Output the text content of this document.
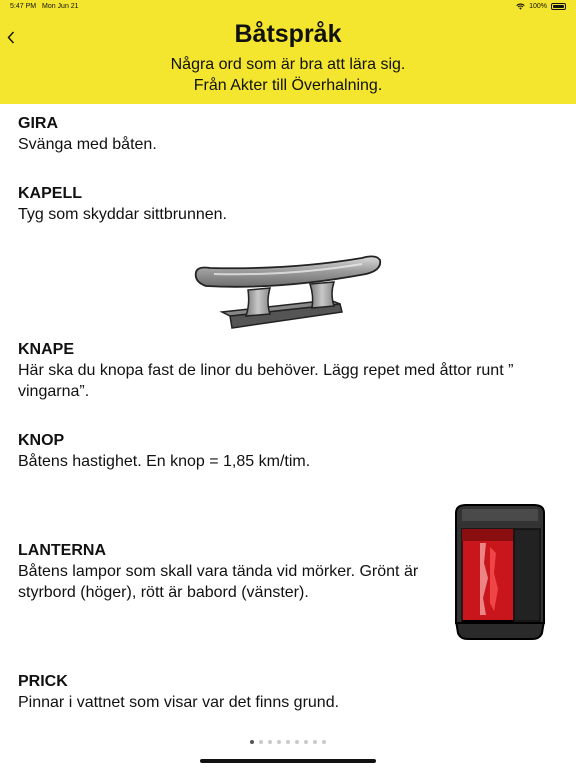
5:47 PM Mon Jun 21	100%
Båtspråk
Några ord som är bra att lära sig.
Från Akter till Överhalning.
GIRA
Svänga med båten.
KAPELL
Tyg som skyddar sittbrunnen.
KNAPE
Här ska du knopa fast de linor du behöver. Lägg repet med åttor runt ” vingarna”.
KNOP
Båtens hastighet. En knop = 1,85 km/tim.
LANTERNA
Båtens lampor som skall vara tända vid mörker. Grönt är styrbord (höger), rött är babord (vänster).
PRICK
Pinnar i vattnet som visar var det finns grund.
